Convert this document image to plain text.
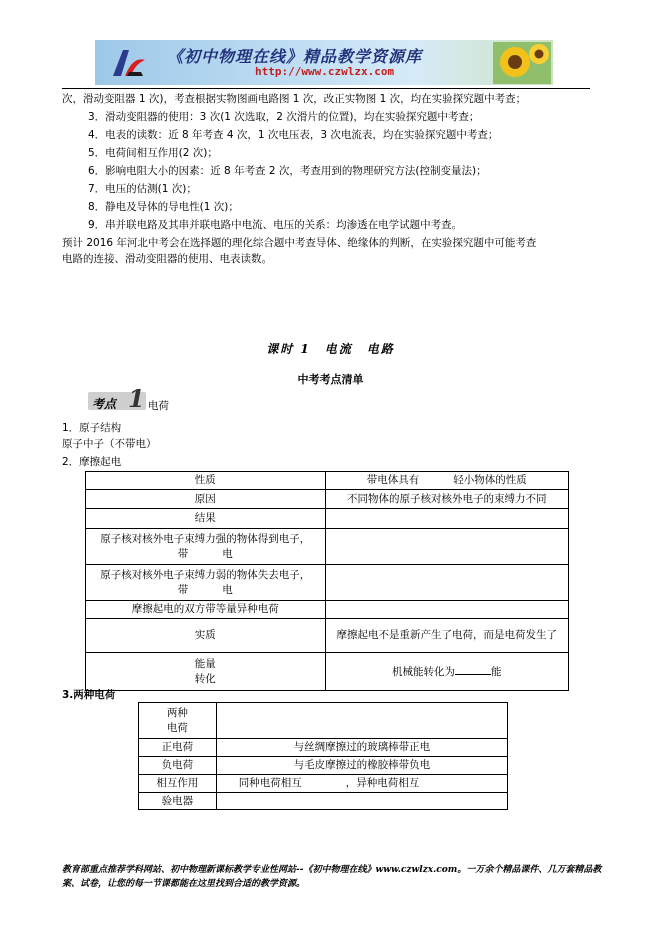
《初中物理在线》精品教学资源库
http://www.czwlzx.com
次，滑动变阻器 1 次)，考查根据实物图画电路图 1 次，改正实物图 1 次，均在实验探究题中考查；
3．滑动变阻器的使用：3 次(1 次选取，2 次滑片的位置)，均在实验探究题中考查；
4．电表的读数：近 8 年考查 4 次，1 次电压表，3 次电流表，均在实验探究题中考查；
5．电荷间相互作用(2 次)；
6．影响电阻大小的因素：近 8 年考查 2 次，考查用到的物理研究方法(控制变量法)；
7．电压的估测(1 次)；
8．静电及导体的导电性(1 次)；
9．串并联电路及其串并联电路中电流、电压的关系：均渗透在电学试题中考查。
预计 2016 年河北中考会在选择题的理化综合题中考查导体、绝缘体的判断，在实验探究题中可能考查
电路的连接、滑动变阻器的使用、电表读数。
课时 1　电流　电路
中考考点清单
考点 1 电荷
1．原子结构
原子中子（不带电）
2．摩擦起电
性质	带电体具有 轻小物体的性质
原因	不同物体的原子核对核外电子的束缚力不同
结果	

原子核对核外电子束缚力强的物体得到电子，
带 电	

原子核对核外电子束缚力弱的物体失去电子，
带 电	

摩擦起电的双方带等量异种电荷	
实质	摩擦起电不是重新产生了电荷，而是电荷发生了

能量
转化	机械能转化为 能
3.两种电荷
两种
电荷	

正电荷	与丝绸摩擦过的玻璃棒带正电
负电荷	与毛皮摩擦过的橡胶棒带负电
相互作用	同种电荷相互 ，异种电荷相互
验电器	
教育部重点推荐学科网站、初中物理新课标教学专业性网站--《初中物理在线》www.czwlzx.com。一万余个精品课件、几万套精品教案、试卷，让您的每一节课都能在这里找到合适的教学资源。
